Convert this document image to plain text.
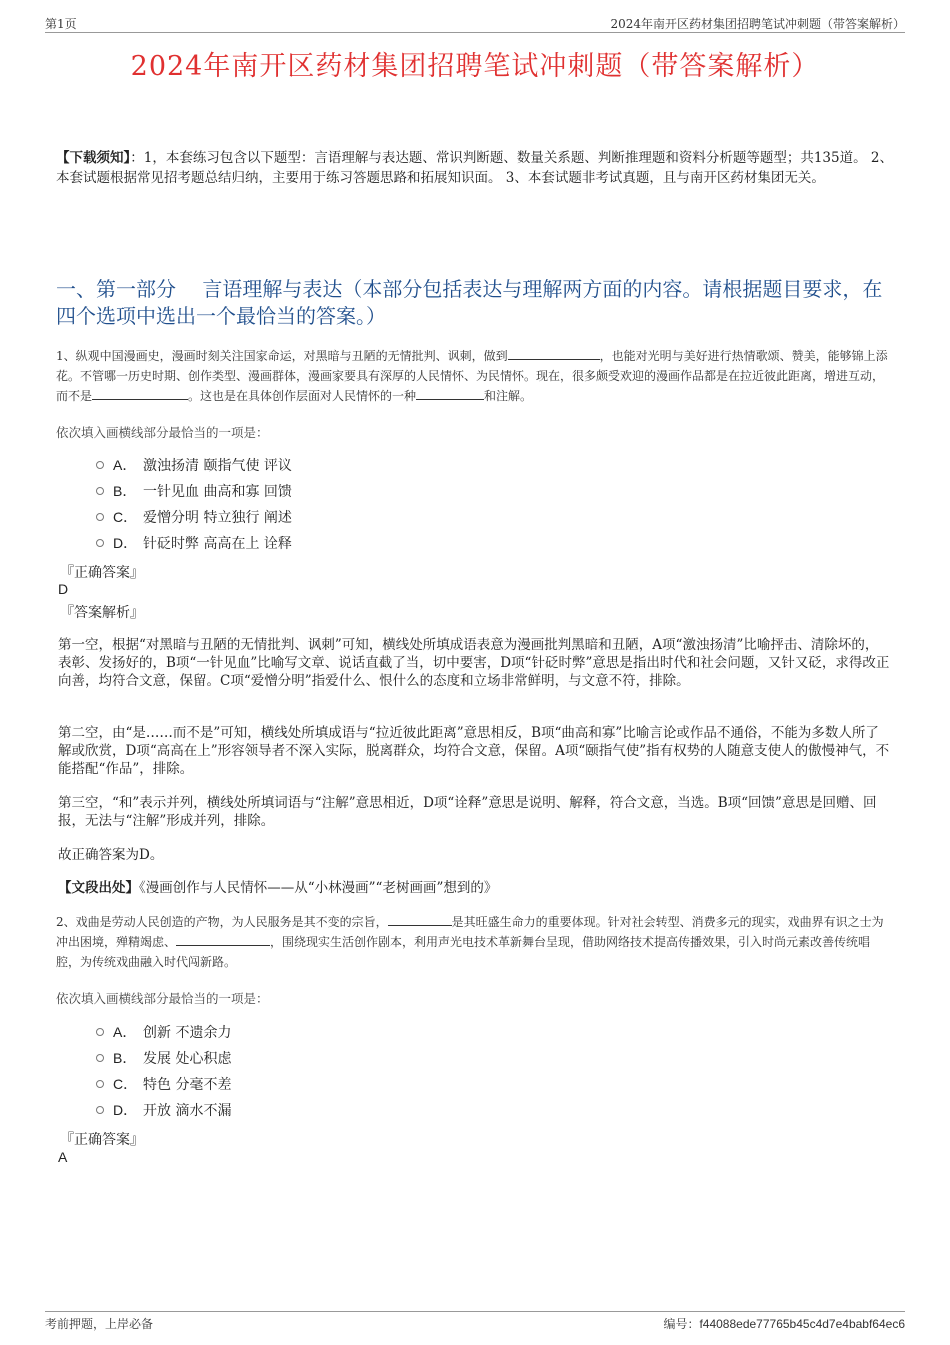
第1页	2024年南开区药材集团招聘笔试冲刺题（带答案解析）
2024年南开区药材集团招聘笔试冲刺题（带答案解析）
【下载须知】：1，本套练习包含以下题型：言语理解与表达题、常识判断题、数量关系题、判断推理题和资料分析题等题型；共135道。 2、本套试题根据常见招考题总结归纳，主要用于练习答题思路和拓展知识面。 3、本套试题非考试真题，且与南开区药材集团无关。
一、第一部分　 言语理解与表达（本部分包括表达与理解两方面的内容。请根据题目要求，在四个选项中选出一个最恰当的答案。）
1、纵观中国漫画史，漫画时刻关注国家命运，对黑暗与丑陋的无情批判、讽刺，做到	，也能对光明与美好进行热情歌颂、赞美，能够锦上添花。不管哪一历史时期、创作类型、漫画群体，漫画家要具有深厚的人民情怀、为民情怀。现在，很多颇受欢迎的漫画作品都是在拉近彼此距离，增进互动，而不是	。这也是在具体创作层面对人民情怀的一种	和注解。
依次填入画横线部分最恰当的一项是：
A． 激浊扬清 颐指气使 评议
B． 一针见血 曲高和寡 回馈
C． 爱憎分明 特立独行 阐述
D． 针砭时弊 高高在上 诠释
『正确答案』
D
『答案解析』
第一空，根据“对黑暗与丑陋的无情批判、讽刺”可知，横线处所填成语表意为漫画批判黑暗和丑陋，A项“激浊扬清”比喻抨击、清除坏的，表彰、发扬好的，B项“一针见血”比喻写文章、说话直截了当，切中要害，D项“针砭时弊”意思是指出时代和社会问题，又针又砭，求得改正向善，均符合文意，保留。C项“爱憎分明”指爱什么、恨什么的态度和立场非常鲜明，与文意不符，排除。
第二空，由“是……而不是”可知，横线处所填成语与“拉近彼此距离”意思相反，B项“曲高和寡”比喻言论或作品不通俗，不能为多数人所了解或欣赏，D项“高高在上”形容领导者不深入实际，脱离群众，均符合文意，保留。A项“颐指气使”指有权势的人随意支使人的傲慢神气，不能搭配“作品”，排除。
第三空，“和”表示并列，横线处所填词语与“注解”意思相近，D项“诠释”意思是说明、解释，符合文意，当选。B项“回馈”意思是回赠、回报，无法与“注解”形成并列，排除。
故正确答案为D。
【文段出处】《漫画创作与人民情怀——从“小林漫画”“老树画画”想到的》
2、戏曲是劳动人民创造的产物，为人民服务是其不变的宗旨，	是其旺盛生命力的重要体现。针对社会转型、消费多元的现实，戏曲界有识之士为冲出困境，殚精竭虑、	，围绕现实生活创作剧本，利用声光电技术革新舞台呈现，借助网络技术提高传播效果，引入时尚元素改善传统唱腔，为传统戏曲融入时代闯新路。
依次填入画横线部分最恰当的一项是：
A． 创新 不遗余力
B． 发展 处心积虑
C． 特色 分毫不差
D． 开放 滴水不漏
『正确答案』
A
考前押题，上岸必备	编号：f44088ede77765b45c4d7e4babf64ec6
